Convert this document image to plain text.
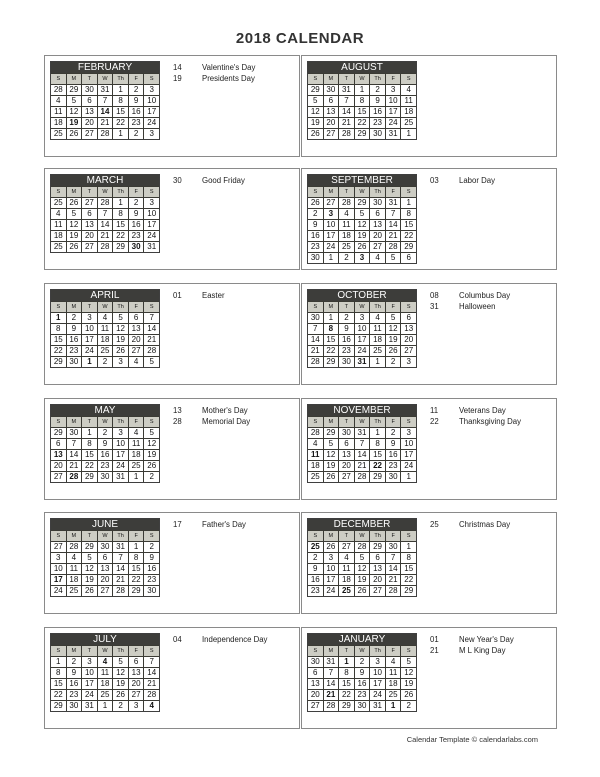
2018 CALENDAR
FEBRUARY
S	M	T	W	Th	F	S
28 29 30 31	1	2	3
4	5	6	7	8	9	10
11 12 13 14 15 16 17
18 19 20 21 22 23 24
25 26 27 28	1	2	3
14	Valentine's Day
19	Presidents Day
AUGUST
S	M	T	W	Th	F	S
29 30 31	1	2	3	4
5	6	7	8	9	10 11
12 13 14 15 16 17 18
19 20 21 22 23 24 25
26 27 28 29 30 31	1
MARCH
S	M	T	W	Th	F	S
25 26 27 28	1	2	3
4	5	6	7	8	9	10
11 12 13 14 15 16 17
18 19 20 21 22 23 24
25 26 27 28 29 30 31
30	Good Friday	SEPTEMBER
S	M	T	W	Th	F	S
26 27 28 29 30 31	1
2	3	4	5	6	7	8
9	10 11 12 13 14 15
16 17 18 19 20 21 22
23 24 25 26 27 28 29
30	1	2	3	4	5	6
03	Labor Day
APRIL
S	M	T	W	Th	F	S
1	2	3	4	5	6	7
8	9	10 11 12 13 14
15 16 17 18 19 20 21
22 23 24 25 26 27 28
29 30	1	2	3	4	5
01	Easter	OCTOBER
S	M	T	W	Th	F	S
30	1	2	3	4	5	6
7	8	9	10 11 12 13
14 15 16 17 18 19 20
21 22 23 24 25 26 27
28 29 30 31	1	2	3
08	Columbus Day
31	Halloween
MAY
S	M	T	W	Th	F	S
29 30	1	2	3	4	5
6	7	8	9	10 11 12
13 14 15 16 17 18 19
20 21 22 23 24 25 26
27 28 29 30 31	1	2
13	Mother's Day
28	Memorial Day
NOVEMBER
S	M	T	W	Th	F	S
28 29 30 31	1	2	3
4	5	6	7	8	9	10
11 12 13 14 15 16 17
18 19 20 21 22 23 24
25 26 27 28 29 30	1
11	Veterans Day
22	Thanksgiving Day
JUNE
S	M	T	W	Th	F	S
27 28 29 30 31	1	2
3	4	5	6	7	8	9
10 11 12 13 14 15 16
17 18 19 20 21 22 23
24 25 26 27 28 29 30
17	Father's Day	DECEMBER
S	M	T	W	Th	F	S
25 26 27 28 29 30	1
2	3	4	5	6	7	8
9	10 11 12 13 14 15
16 17 18 19 20 21 22
23 24 25 26 27 28 29
25	Christmas Day
JULY
S	M	T	W	Th	F	S
1	2	3	4	5	6	7
8	9	10 11 12 13 14
15 16 17 18 19 20 21
22 23 24 25 26 27 28
29 30 31	1	2	3	4
04	Independence Day	JANUARY
S	M	T	W	Th	F	S
30 31	1	2	3	4	5
6	7	8	9	10 11 12
13 14 15 16 17 18 19
20 21 22 23 24 25 26
27 28 29 30 31	1	2
01	New Year's Day
21	M L King Day
Calendar Template © calendarlabs.com
